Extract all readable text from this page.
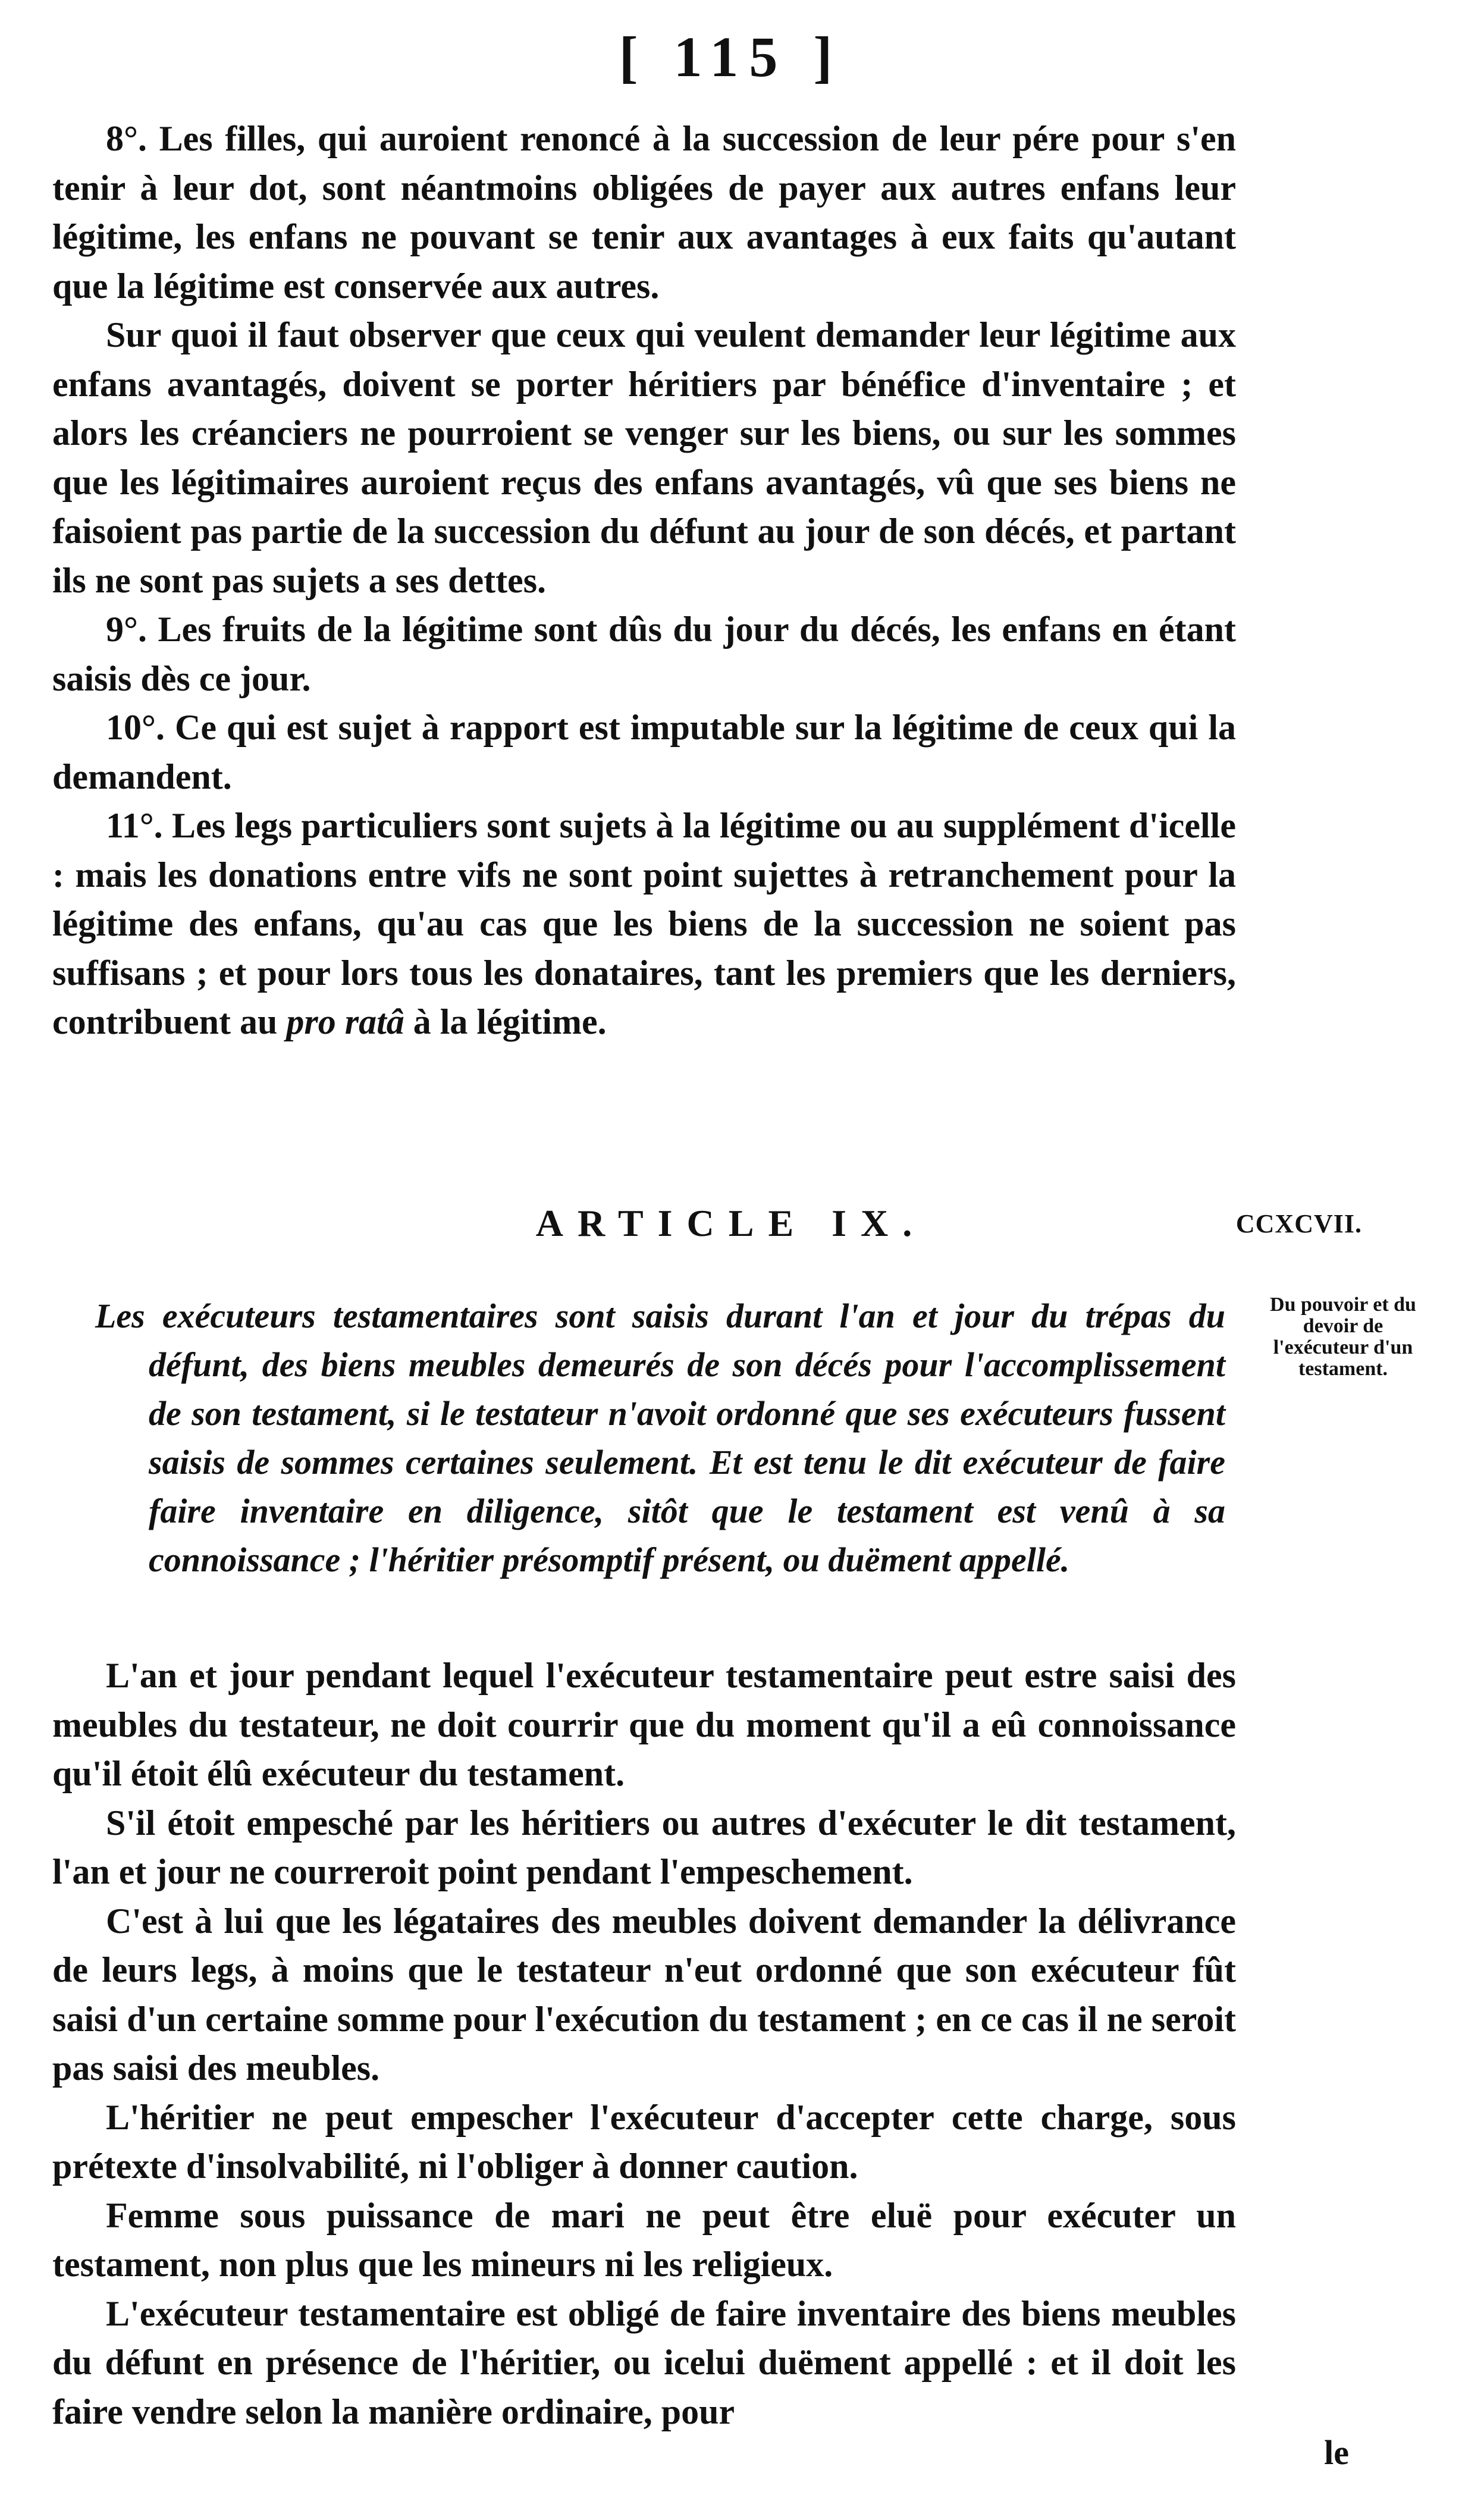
[ 115 ]

8°. Les filles, qui auroient renoncé à la succession de leur pére pour s'en tenir à leur dot, sont néantmoins obligées de payer aux autres enfans leur légitime, les enfans ne pouvant se tenir aux avantages à eux faits qu'autant que la légitime est conservée aux autres.

Sur quoi il faut observer que ceux qui veulent demander leur légitime aux enfans avantagés, doivent se porter héritiers par bénéfice d'inventaire ; et alors les créanciers ne pourroient se venger sur les biens, ou sur les sommes que les légitimaires auroient reçus des enfans avantagés, vû que ses biens ne faisoient pas partie de la succession du défunt au jour de son décés, et partant ils ne sont pas sujets a ses dettes.

9°. Les fruits de la légitime sont dûs du jour du décés, les enfans en étant saisis dès ce jour.

10°. Ce qui est sujet à rapport est imputable sur la légitime de ceux qui la demandent.

11°. Les legs particuliers sont sujets à la légitime ou au supplément d'icelle : mais les donations entre vifs ne sont point sujettes à retranchement pour la légitime des enfans, qu'au cas que les biens de la succession ne soient pas suffisans ; et pour lors tous les donataires, tant les premiers que les derniers, contribuent au pro ratâ à la légitime.

ARTICLE IX.	CCXCVII.

Les exécuteurs testamentaires sont saisis durant l'an et jour du trépas du défunt, des biens meubles demeurés de son décés pour l'accomplissement de son testament, si le testateur n'avoit ordonné que ses exécuteurs fussent saisis de sommes certaines seulement. Et est tenu le dit exécuteur de faire faire inventaire en diligence, sitôt que le testament est venû à sa connoissance ; l'héritier présomptif présent, ou duëment appellé.

Du pouvoir et du devoir de l'exécuteur d'un testament.

L'an et jour pendant lequel l'exécuteur testamentaire peut estre saisi des meubles du testateur, ne doit courrir que du moment qu'il a eû connoissance qu'il étoit élû exécuteur du testament.

S'il étoit empesché par les héritiers ou autres d'exécuter le dit testament, l'an et jour ne courreroit point pendant l'empeschement.

C'est à lui que les légataires des meubles doivent demander la délivrance de leurs legs, à moins que le testateur n'eut ordonné que son exécuteur fût saisi d'un certaine somme pour l'exécution du testament ; en ce cas il ne seroit pas saisi des meubles.

L'héritier ne peut empescher l'exécuteur d'accepter cette charge, sous prétexte d'insolvabilité, ni l'obliger à donner caution.

Femme sous puissance de mari ne peut être eluë pour exécuter un testament, non plus que les mineurs ni les religieux.

L'exécuteur testamentaire est obligé de faire inventaire des biens meubles du défunt en présence de l'héritier, ou icelui duëment appellé : et il doit les faire vendre selon la manière ordinaire, pour

le
